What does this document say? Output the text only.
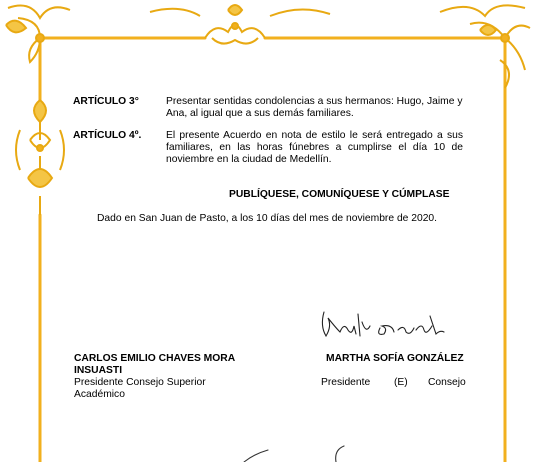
ARTÍCULO 3°	Presentar sentidas condolencias a sus hermanos: Hugo, Jaime y
Ana, al igual que a sus demás familiares.
ARTÍCULO 4º. El presente Acuerdo en nota de estilo le será entregado a sus
familiares, en las horas fúnebres a cumplirse el día 10 de
noviembre en la ciudad de Medellín.
PUBLÍQUESE, COMUNÍQUESE Y CÚMPLASE
Dado en San Juan de Pasto, a los 10 días del mes de noviembre de 2020.
CARLOS EMILIO CHAVES MORA
INSUASTI
Presidente Consejo Superior
Académico
MARTHA SOFÍA GONZÁLEZ
Presidente (E) Consejo
